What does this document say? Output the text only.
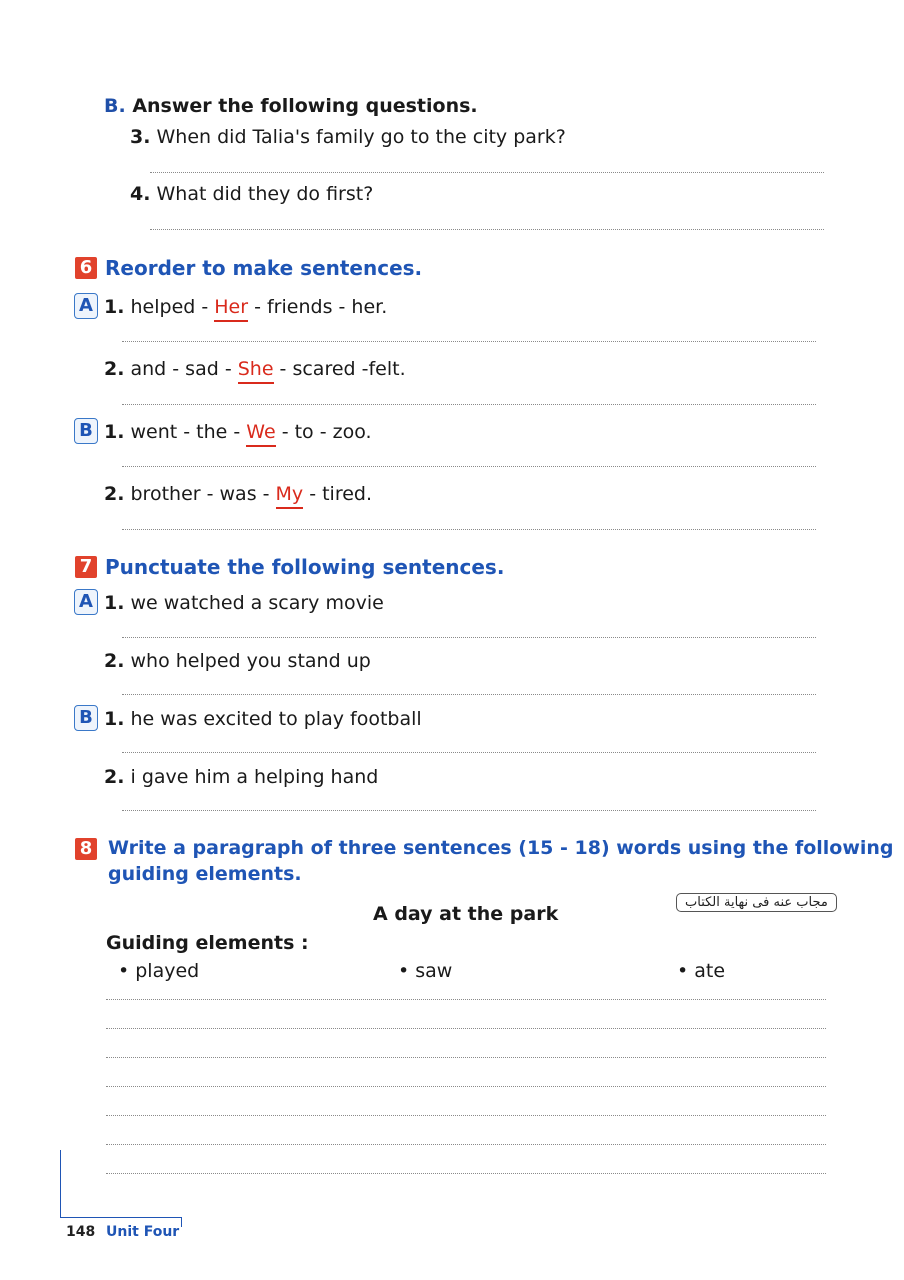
B. Answer the following questions.
3. When did Talia's family go to the city park?
4. What did they do first?
6 Reorder to make sentences.
A 1. helped - Her - friends - her.
2. and - sad - She - scared -felt.
B 1. went - the - We - to - zoo.
2. brother - was - My - tired.
7 Punctuate the following sentences.
A 1. we watched a scary movie
2. who helped you stand up
B 1. he was excited to play football
2. i gave him a helping hand
8 Write a paragraph of three sentences (15 - 18) words using the following
guiding elements.
مجاب عنه فى نهاية الكتاب
A day at the park
Guiding elements :
• played	• saw	• ate
148 Unit Four
